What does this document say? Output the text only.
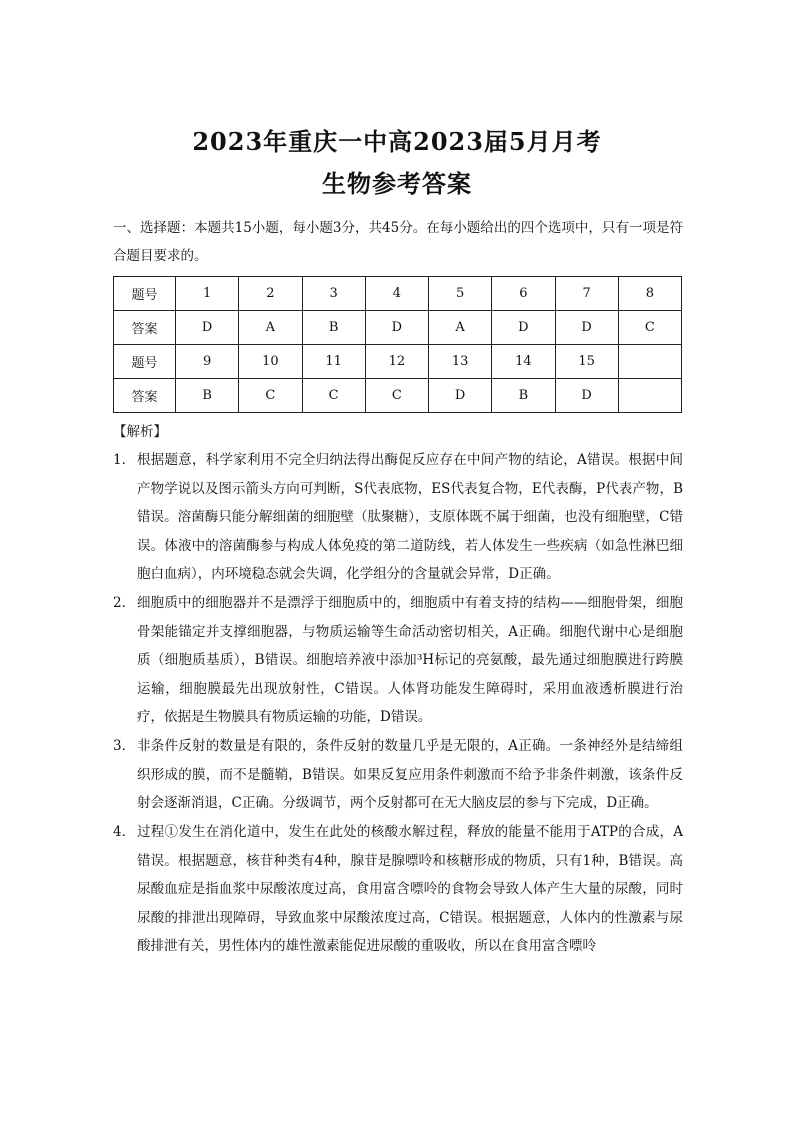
2023年重庆一中高2023届5月月考
生物参考答案
一、选择题：本题共15小题，每小题3分，共45分。在每小题给出的四个选项中，只有一项是符合题目要求的。
题号	1	2	3	4	5	6	7	8
答案	D	A	B	D	A	D	D	C
题号	9	10	11	12	13	14	15	
答案	B	C	C	C	D	B	D	
【解析】
1． 根据题意，科学家利用不完全归纳法得出酶促反应存在中间产物的结论，A错误。根据中间产物学说以及图示箭头方向可判断，S代表底物，ES代表复合物，E代表酶，P代表产物，B错误。溶菌酶只能分解细菌的细胞壁（肽聚糖），支原体既不属于细菌，也没有细胞壁，C错误。体液中的溶菌酶参与构成人体免疫的第二道防线，若人体发生一些疾病（如急性淋巴细胞白血病），内环境稳态就会失调，化学组分的含量就会异常，D正确。
2． 细胞质中的细胞器并不是漂浮于细胞质中的，细胞质中有着支持的结构——细胞骨架，细胞骨架能锚定并支撑细胞器，与物质运输等生命活动密切相关，A正确。细胞代谢中心是细胞质（细胞质基质），B错误。细胞培养液中添加³H标记的亮氨酸，最先通过细胞膜进行跨膜运输，细胞膜最先出现放射性，C错误。人体肾功能发生障碍时，采用血液透析膜进行治疗，依据是生物膜具有物质运输的功能，D错误。
3． 非条件反射的数量是有限的，条件反射的数量几乎是无限的，A正确。一条神经外是结缔组织形成的膜，而不是髓鞘，B错误。如果反复应用条件刺激而不给予非条件刺激，该条件反射会逐渐消退，C正确。分级调节，两个反射都可在无大脑皮层的参与下完成，D正确。
4． 过程①发生在消化道中，发生在此处的核酸水解过程，释放的能量不能用于ATP的合成，A错误。根据题意，核苷种类有4种，腺苷是腺嘌呤和核糖形成的物质，只有1种，B错误。高尿酸血症是指血浆中尿酸浓度过高，食用富含嘌呤的食物会导致人体产生大量的尿酸，同时尿酸的排泄出现障碍，导致血浆中尿酸浓度过高，C错误。根据题意，人体内的性激素与尿酸排泄有关，男性体内的雄性激素能促进尿酸的重吸收，所以在食用富含嘌呤
